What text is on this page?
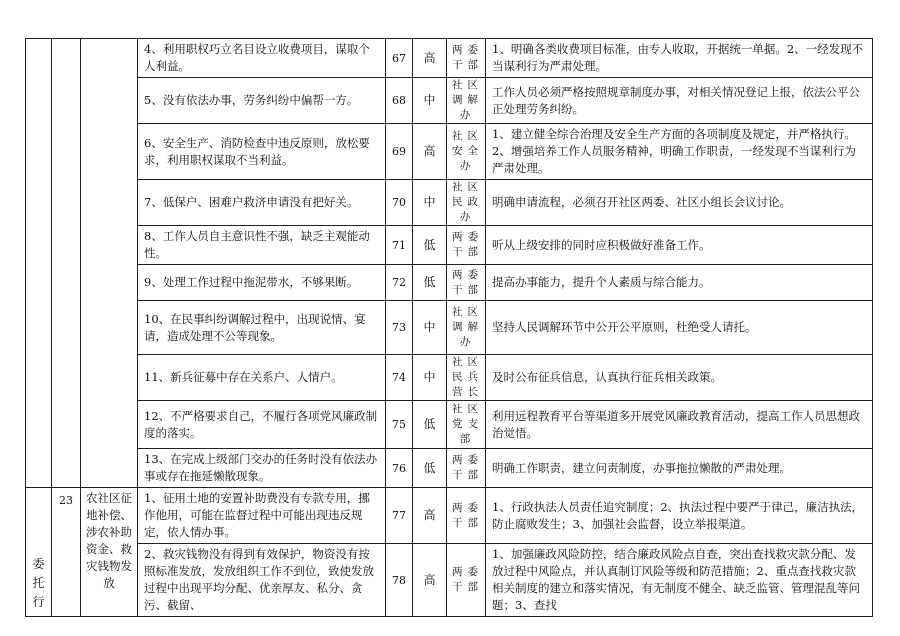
			4、利用职权巧立名目设立收费项目，谋取个人利益。	67	高	两委
干部	1、明确各类收费项目标准，由专人收取，开据统一单据。2、一经发现不当谋利行为严肃处理。
			5、没有依法办事，劳务纠纷中偏帮一方。	68	中	社区
调解
办	工作人员必须严格按照规章制度办事，对相关情况登记上报，依法公平公正处理劳务纠纷。
			6、安全生产、消防检查中违反原则，放松要求，利用职权谋取不当利益。	69	高	社区
安全
办	1、建立健全综合治理及安全生产方面的各项制度及规定，并严格执行。2、增强培养工作人员服务精神，明确工作职责，一经发现不当谋利行为严肃处理。
			7、低保户、困难户救济申请没有把好关。	70	中	社区
民政
办	明确申请流程，必须召开社区两委、社区小组长会议讨论。
			8、工作人员自主意识性不强，缺乏主观能动性。	71	低	两委
干部	听从上级安排的同时应积极做好准备工作。
			9、处理工作过程中拖泥带水，不够果断。	72	低	两委
干部	提高办事能力，提升个人素质与综合能力。
			10、在民事纠纷调解过程中，出现说情、宴请，造成处理不公等现象。	73	中	社区
调解
办	坚持人民调解环节中公开公平原则，杜绝受人请托。
			11、新兵征募中存在关系户、人情户。	74	中	社区
民兵
营长	及时公布征兵信息，认真执行征兵相关政策。
			12、不严格要求自己，不履行各项党风廉政制度的落实。	75	低	社区
党支
部	利用远程教育平台等渠道多开展党风廉政教育活动，提高工作人员思想政治觉悟。
			13、在完成上级部门交办的任务时没有依法办事或存在拖延懒散现象。	76	低	两委
干部	明确工作职责，建立问责制度，办事拖拉懒散的严肃处理。
委托行	23	农社区征地补偿、涉农补助资金、救灾钱物发放	1、征用土地的安置补助费没有专款专用，挪作他用，可能在监督过程中可能出现违反规定，依人情办事。	77	高	两委
干部	1、行政执法人员责任追究制度；2、执法过程中要严于律己，廉洁执法，防止腐败发生；3、加强社会监督，设立举报渠道。
			2、救灾钱物没有得到有效保护，物资没有按照标准发放，发放组织工作不到位，致使发放过程中出现平均分配、优亲厚友、私分、贪污、截留、	78	高	两委
干部	1、加强廉政风险防控，结合廉政风险点自查，突出查找救灾款分配、发放过程中风险点，并认真制订风险等级和防范措施；2、重点查找救灾款相关制度的建立和落实情况，有无制度不健全、缺乏监管、管理混乱等问题；3、查找
